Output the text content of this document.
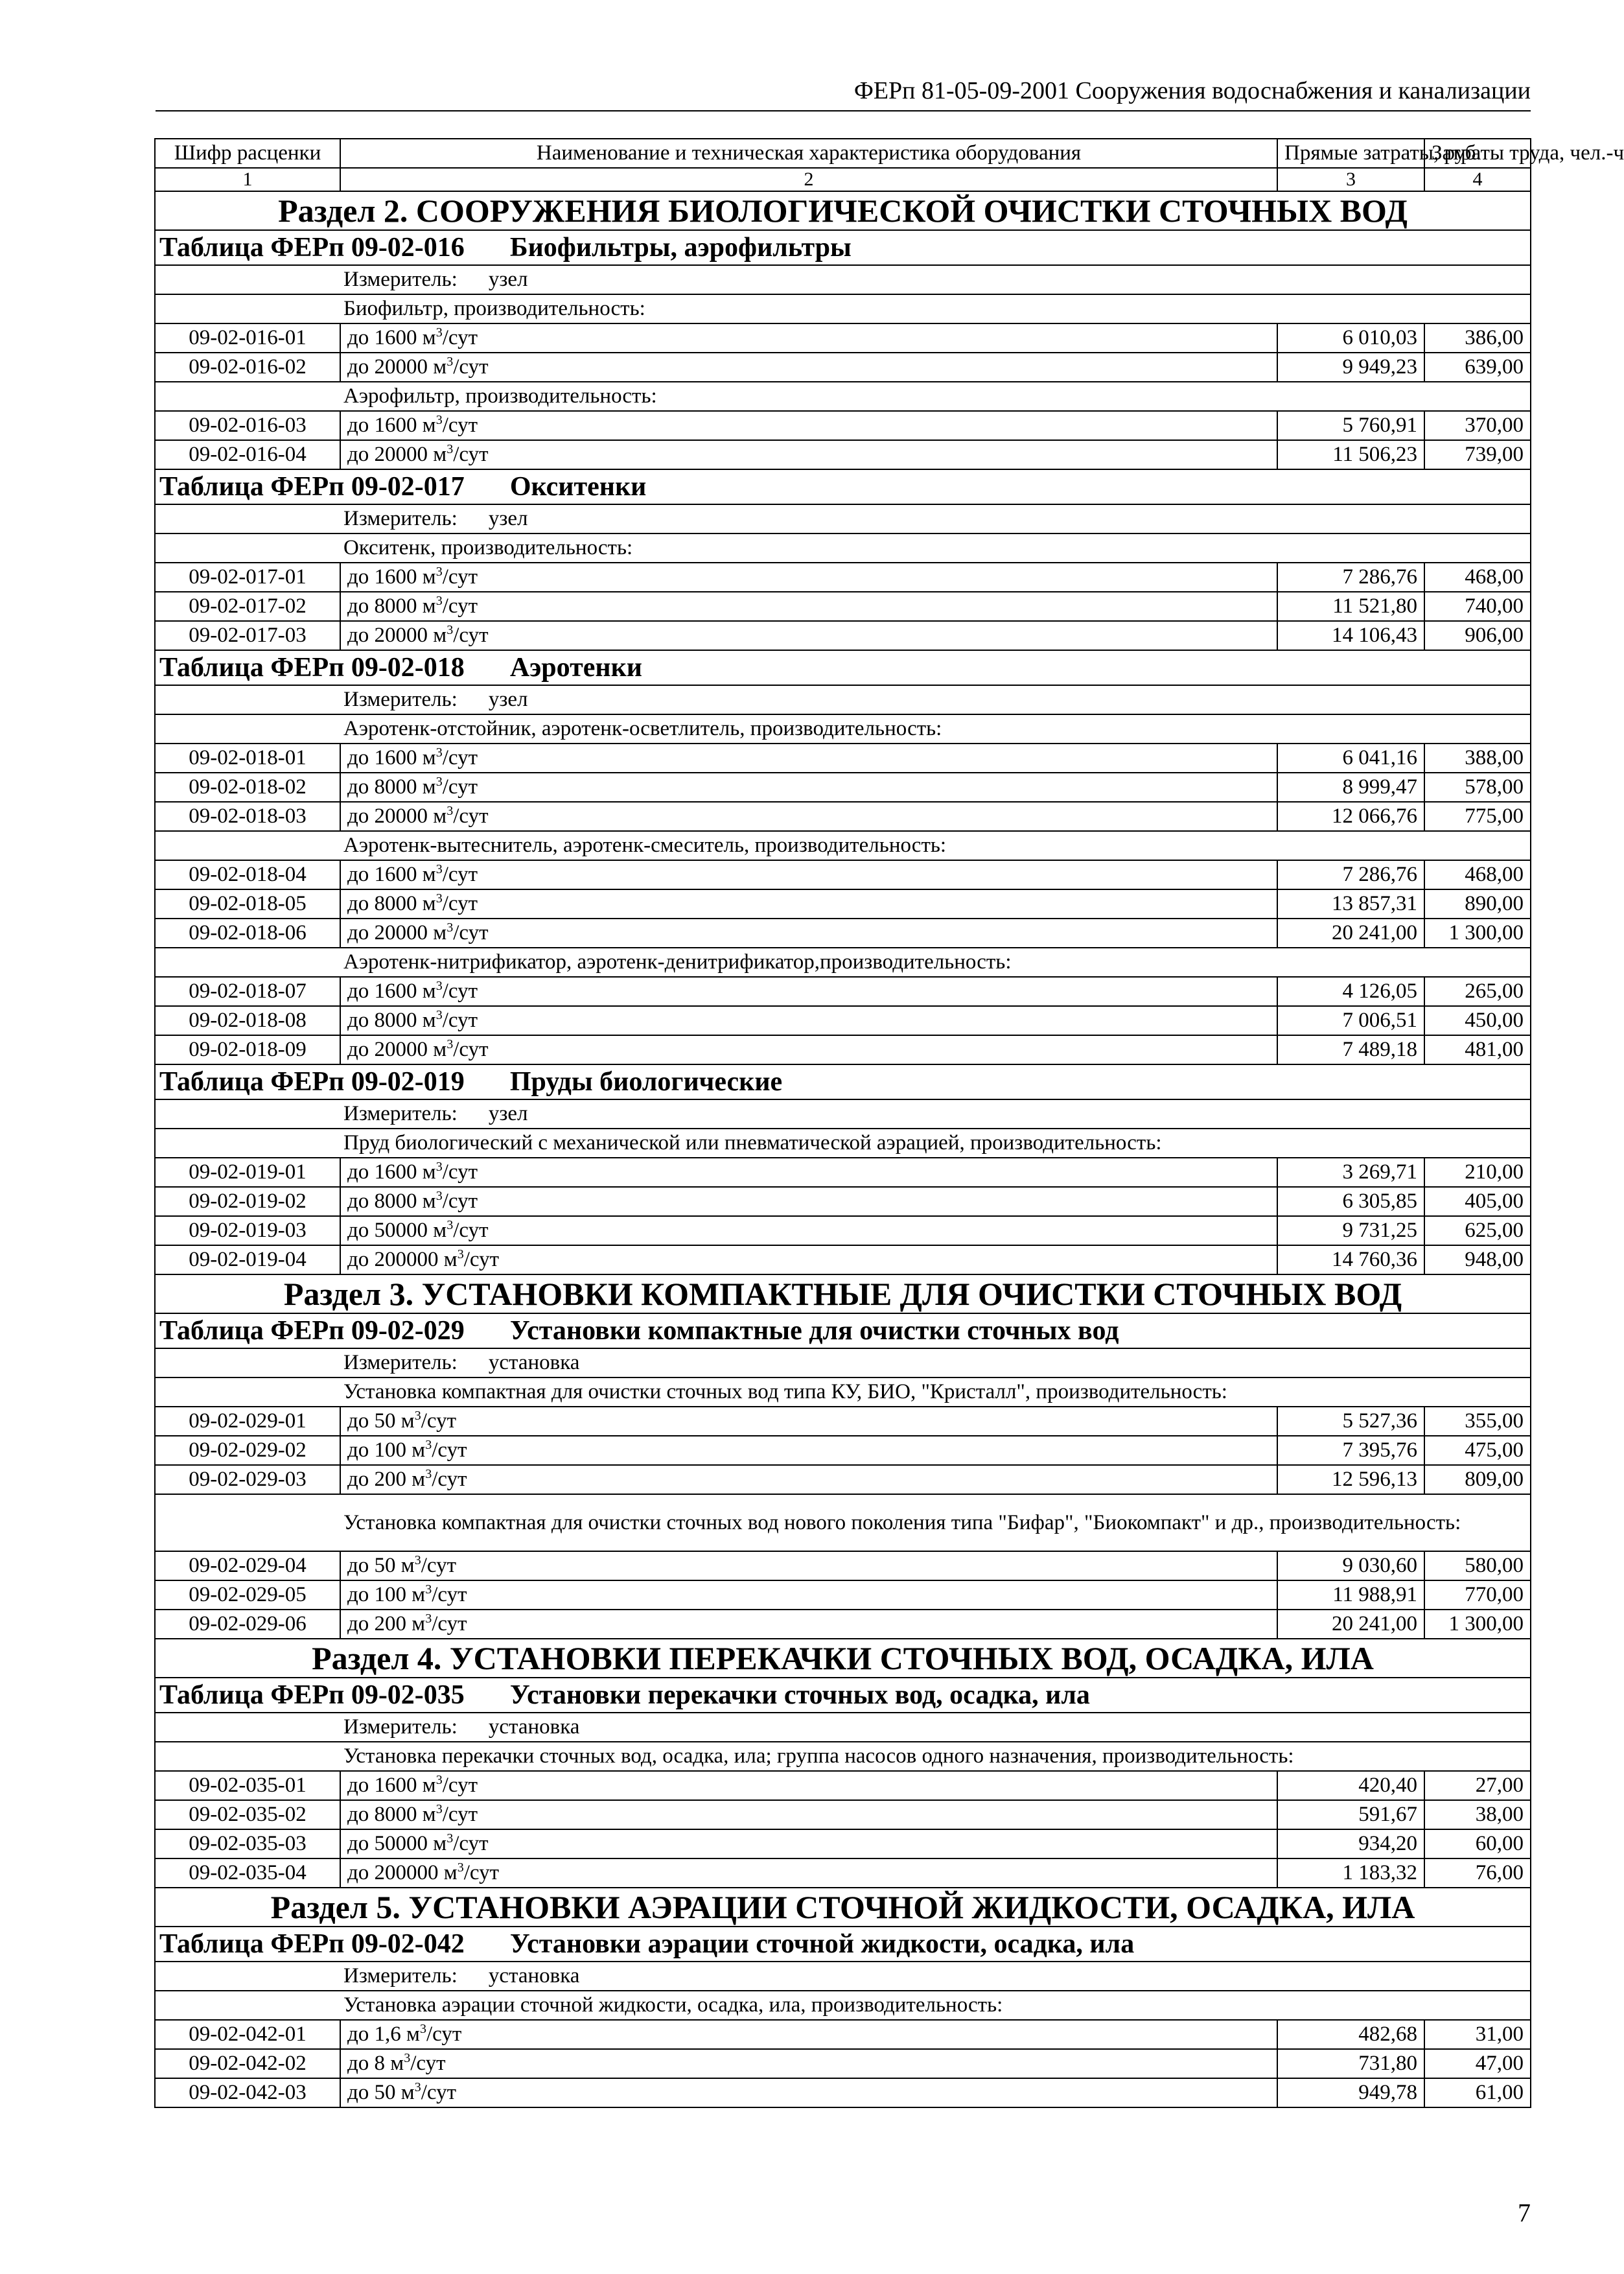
ФЕРп 81-05-09-2001 Сооружения водоснабжения и канализации
Шифр расценки	Наименование и техническая характеристика оборудования	Прямые затраты, руб.	Затраты труда, чел.-ч
1	2	3	4
Раздел 2. СООРУЖЕНИЯ БИОЛОГИЧЕСКОЙ ОЧИСТКИ СТОЧНЫХ ВОД			
Таблица ФЕРп 09-02-016 Биофильтры, аэрофильтры			
Измеритель: узел			
Биофильтр, производительность:			
09-02-016-01	до 1600 $м^3$/сут	6 010,03	386,00
09-02-016-02	до 20000 $м^3$/сут	9 949,23	639,00
Аэрофильтр, производительность:			
09-02-016-03	до 1600 $м^3$/сут	5 760,91	370,00
09-02-016-04	до 20000 $м^3$/сут	11 506,23	739,00
Таблица ФЕРп 09-02-017 Окситенки			
Измеритель: узел			
Окситенк, производительность:			
09-02-017-01	до 1600 $м^3$/сут	7 286,76	468,00
09-02-017-02	до 8000 $м^3$/сут	11 521,80	740,00
09-02-017-03	до 20000 $м^3$/сут	14 106,43	906,00
Таблица ФЕРп 09-02-018 Аэротенки			
Измеритель: узел			
Аэротенк-отстойник, аэротенк-осветлитель, производительность:			
09-02-018-01	до 1600 $м^3$/сут	6 041,16	388,00
09-02-018-02	до 8000 $м^3$/сут	8 999,47	578,00
09-02-018-03	до 20000 $м^3$/сут	12 066,76	775,00
Аэротенк-вытеснитель, аэротенк-смеситель, производительность:			
09-02-018-04	до 1600 $м^3$/сут	7 286,76	468,00
09-02-018-05	до 8000 $м^3$/сут	13 857,31	890,00
09-02-018-06	до 20000 $м^3$/сут	20 241,00	1 300,00
Аэротенк-нитрификатор, аэротенк-денитрификатор,производительность:			
09-02-018-07	до 1600 $м^3$/сут	4 126,05	265,00
09-02-018-08	до 8000 $м^3$/сут	7 006,51	450,00
09-02-018-09	до 20000 $м^3$/сут	7 489,18	481,00
Таблица ФЕРп 09-02-019 Пруды биологические			
Измеритель: узел			
Пруд биологический с механической или пневматической аэрацией, производительность:			
09-02-019-01	до 1600 $м^3$/сут	3 269,71	210,00
09-02-019-02	до 8000 $м^3$/сут	6 305,85	405,00
09-02-019-03	до 50000 $м^3$/сут	9 731,25	625,00
09-02-019-04	до 200000 $м^3$/сут	14 760,36	948,00
Раздел 3. УСТАНОВКИ КОМПАКТНЫЕ ДЛЯ ОЧИСТКИ СТОЧНЫХ ВОД			
Таблица ФЕРп 09-02-029 Установки компактные для очистки сточных вод			
Измеритель: установка			
Установка компактная для очистки сточных вод типа КУ, БИО, "Кристалл", производительность:			
09-02-029-01	до 50 $м^3$/сут	5 527,36	355,00
09-02-029-02	до 100 $м^3$/сут	7 395,76	475,00
09-02-029-03	до 200 $м^3$/сут	12 596,13	809,00
Установка компактная для очистки сточных вод нового поколения типа "Бифар", "Биокомпакт" и др., производительность:			
09-02-029-04	до 50 $м^3$/сут	9 030,60	580,00
09-02-029-05	до 100 $м^3$/сут	11 988,91	770,00
09-02-029-06	до 200 $м^3$/сут	20 241,00	1 300,00
Раздел 4. УСТАНОВКИ ПЕРЕКАЧКИ СТОЧНЫХ ВОД, ОСАДКА, ИЛА			
Таблица ФЕРп 09-02-035 Установки перекачки сточных вод, осадка, ила			
Измеритель: установка			
Установка перекачки сточных вод, осадка, ила; группа насосов одного назначения, производительность:			
09-02-035-01	до 1600 $м^3$/сут	420,40	27,00
09-02-035-02	до 8000 $м^3$/сут	591,67	38,00
09-02-035-03	до 50000 $м^3$/сут	934,20	60,00
09-02-035-04	до 200000 $м^3$/сут	1 183,32	76,00
Раздел 5. УСТАНОВКИ АЭРАЦИИ СТОЧНОЙ ЖИДКОСТИ, ОСАДКА, ИЛА			
Таблица ФЕРп 09-02-042 Установки аэрации сточной жидкости, осадка, ила			
Измеритель: установка			
Установка аэрации сточной жидкости, осадка, ила, производительность:			
09-02-042-01	до 1,6 $м^3$/сут	482,68	31,00
09-02-042-02	до 8 $м^3$/сут	731,80	47,00
09-02-042-03	до 50 $м^3$/сут	949,78	61,00
7
